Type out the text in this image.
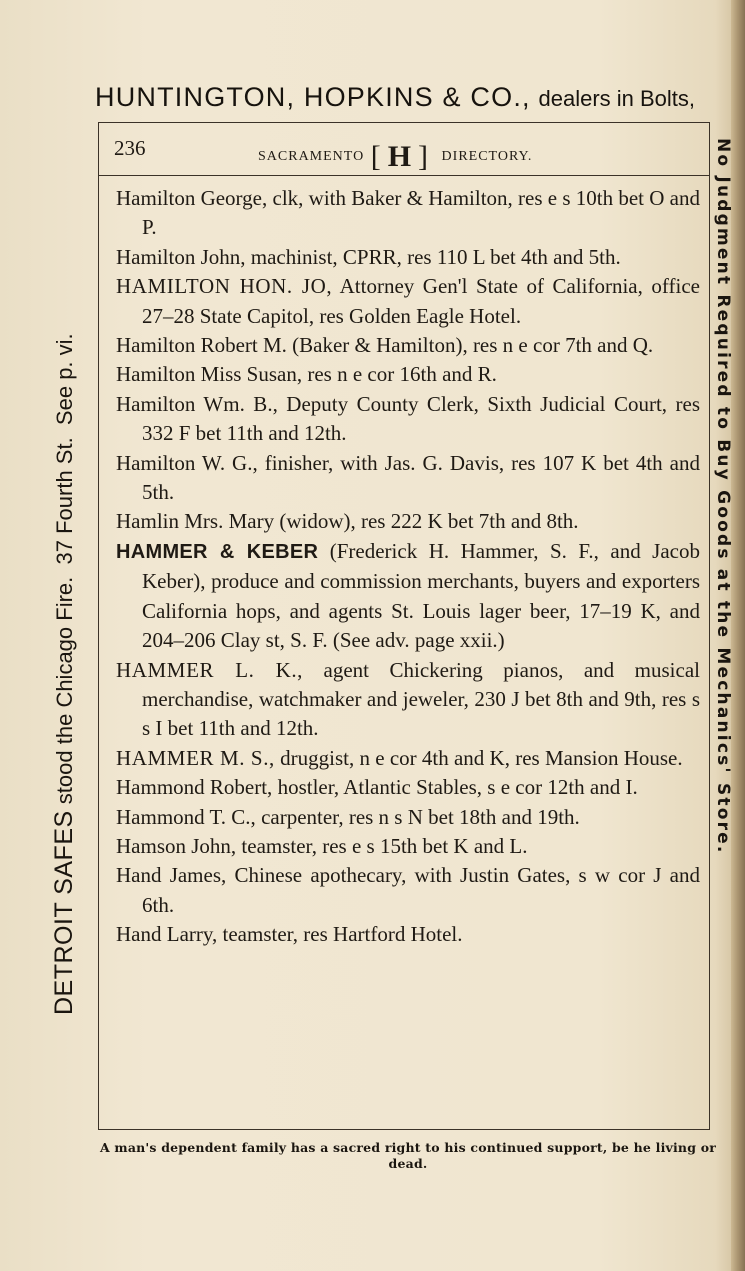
HUNTINGTON, HOPKINS & CO., dealers in Bolts,
236	SACRAMENTO [ H ] DIRECTORY.

Hamilton George, clk, with Baker & Hamilton, res e s 10th bet O and P.

Hamilton John, machinist, CPRR, res 110 L bet 4th and 5th.

HAMILTON HON. JO, Attorney Gen'l State of California, office 27–28 State Capitol, res Golden Eagle Hotel.

Hamilton Robert M. (Baker & Hamilton), res n e cor 7th and Q.

Hamilton Miss Susan, res n e cor 16th and R.

Hamilton Wm. B., Deputy County Clerk, Sixth Judicial Court, res 332 F bet 11th and 12th.

Hamilton W. G., finisher, with Jas. G. Davis, res 107 K bet 4th and 5th.

Hamlin Mrs. Mary (widow), res 222 K bet 7th and 8th.

HAMMER & KEBER (Frederick H. Hammer, S. F., and Jacob Keber), produce and commission merchants, buyers and exporters California hops, and agents St. Louis lager beer, 17–19 K, and 204–206 Clay st, S. F. (See adv. page xxii.)

HAMMER L. K., agent Chickering pianos, and musical merchandise, watchmaker and jeweler, 230 J bet 8th and 9th, res s s I bet 11th and 12th.

HAMMER M. S., druggist, n e cor 4th and K, res Mansion House.

Hammond Robert, hostler, Atlantic Stables, s e cor 12th and I.

Hammond T. C., carpenter, res n s N bet 18th and 19th.

Hamson John, teamster, res e s 15th bet K and L.

Hand James, Chinese apothecary, with Justin Gates, s w cor J and 6th.

Hand Larry, teamster, res Hartford Hotel.

DETROIT SAFES stood the Chicago Fire.  37 Fourth St.  See p. vi.	No Judgment Required to Buy Goods at the Mechanics' Store.
A man's dependent family has a sacred right to his continued support, be he living or dead.
